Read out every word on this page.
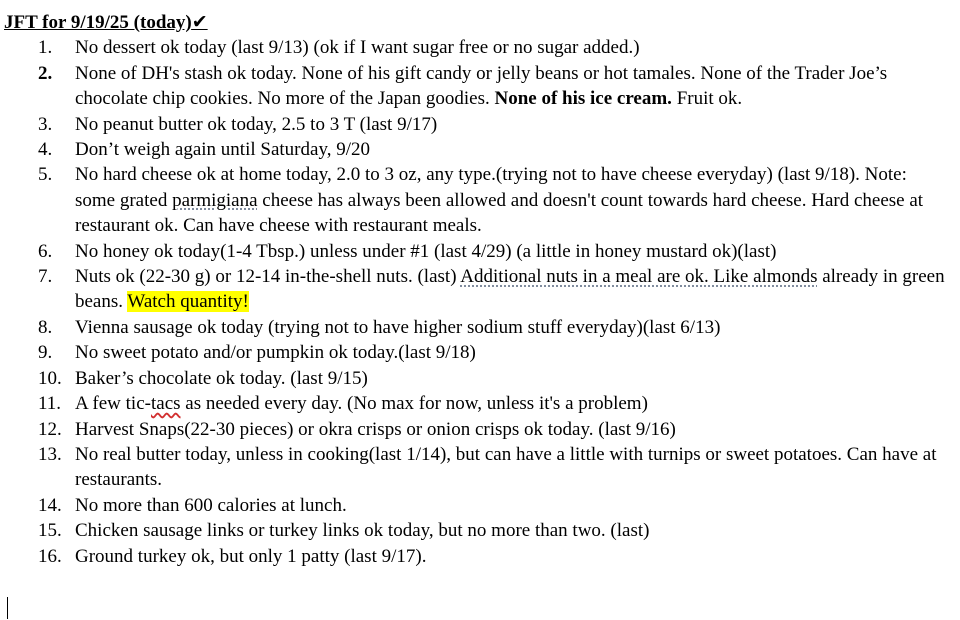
JFT for 9/19/25 (today)✔
1. No dessert ok today (last 9/13) (ok if I want sugar free or no sugar added.)
2. None of DH's stash ok today. None of his gift candy or jelly beans or hot tamales. None of the Trader Joe’s chocolate chip cookies. No more of the Japan goodies. None of his ice cream. Fruit ok.
3. No peanut butter ok today, 2.5 to 3 T (last 9/17)
4. Don’t weigh again until Saturday, 9/20
5. No hard cheese ok at home today, 2.0 to 3 oz, any type.(trying not to have cheese everyday) (last 9/18). Note: some grated parmigiana cheese has always been allowed and doesn't count towards hard cheese. Hard cheese at restaurant ok. Can have cheese with restaurant meals.
6. No honey ok today(1-4 Tbsp.) unless under #1 (last 4/29) (a little in honey mustard ok)(last)
7. Nuts ok (22-30 g) or 12-14 in-the-shell nuts. (last) Additional nuts in a meal are ok. Like almonds already in green beans. Watch quantity!
8. Vienna sausage ok today (trying not to have higher sodium stuff everyday)(last 6/13)
9. No sweet potato and/or pumpkin ok today.(last 9/18)
10. Baker’s chocolate ok today. (last 9/15)
11. A few tic-tacs as needed every day. (No max for now, unless it's a problem)
12. Harvest Snaps(22-30 pieces) or okra crisps or onion crisps ok today. (last 9/16)
13. No real butter today, unless in cooking(last 1/14), but can have a little with turnips or sweet potatoes. Can have at restaurants.
14. No more than 600 calories at lunch.
15. Chicken sausage links or turkey links ok today, but no more than two. (last)
16. Ground turkey ok, but only 1 patty (last 9/17).
